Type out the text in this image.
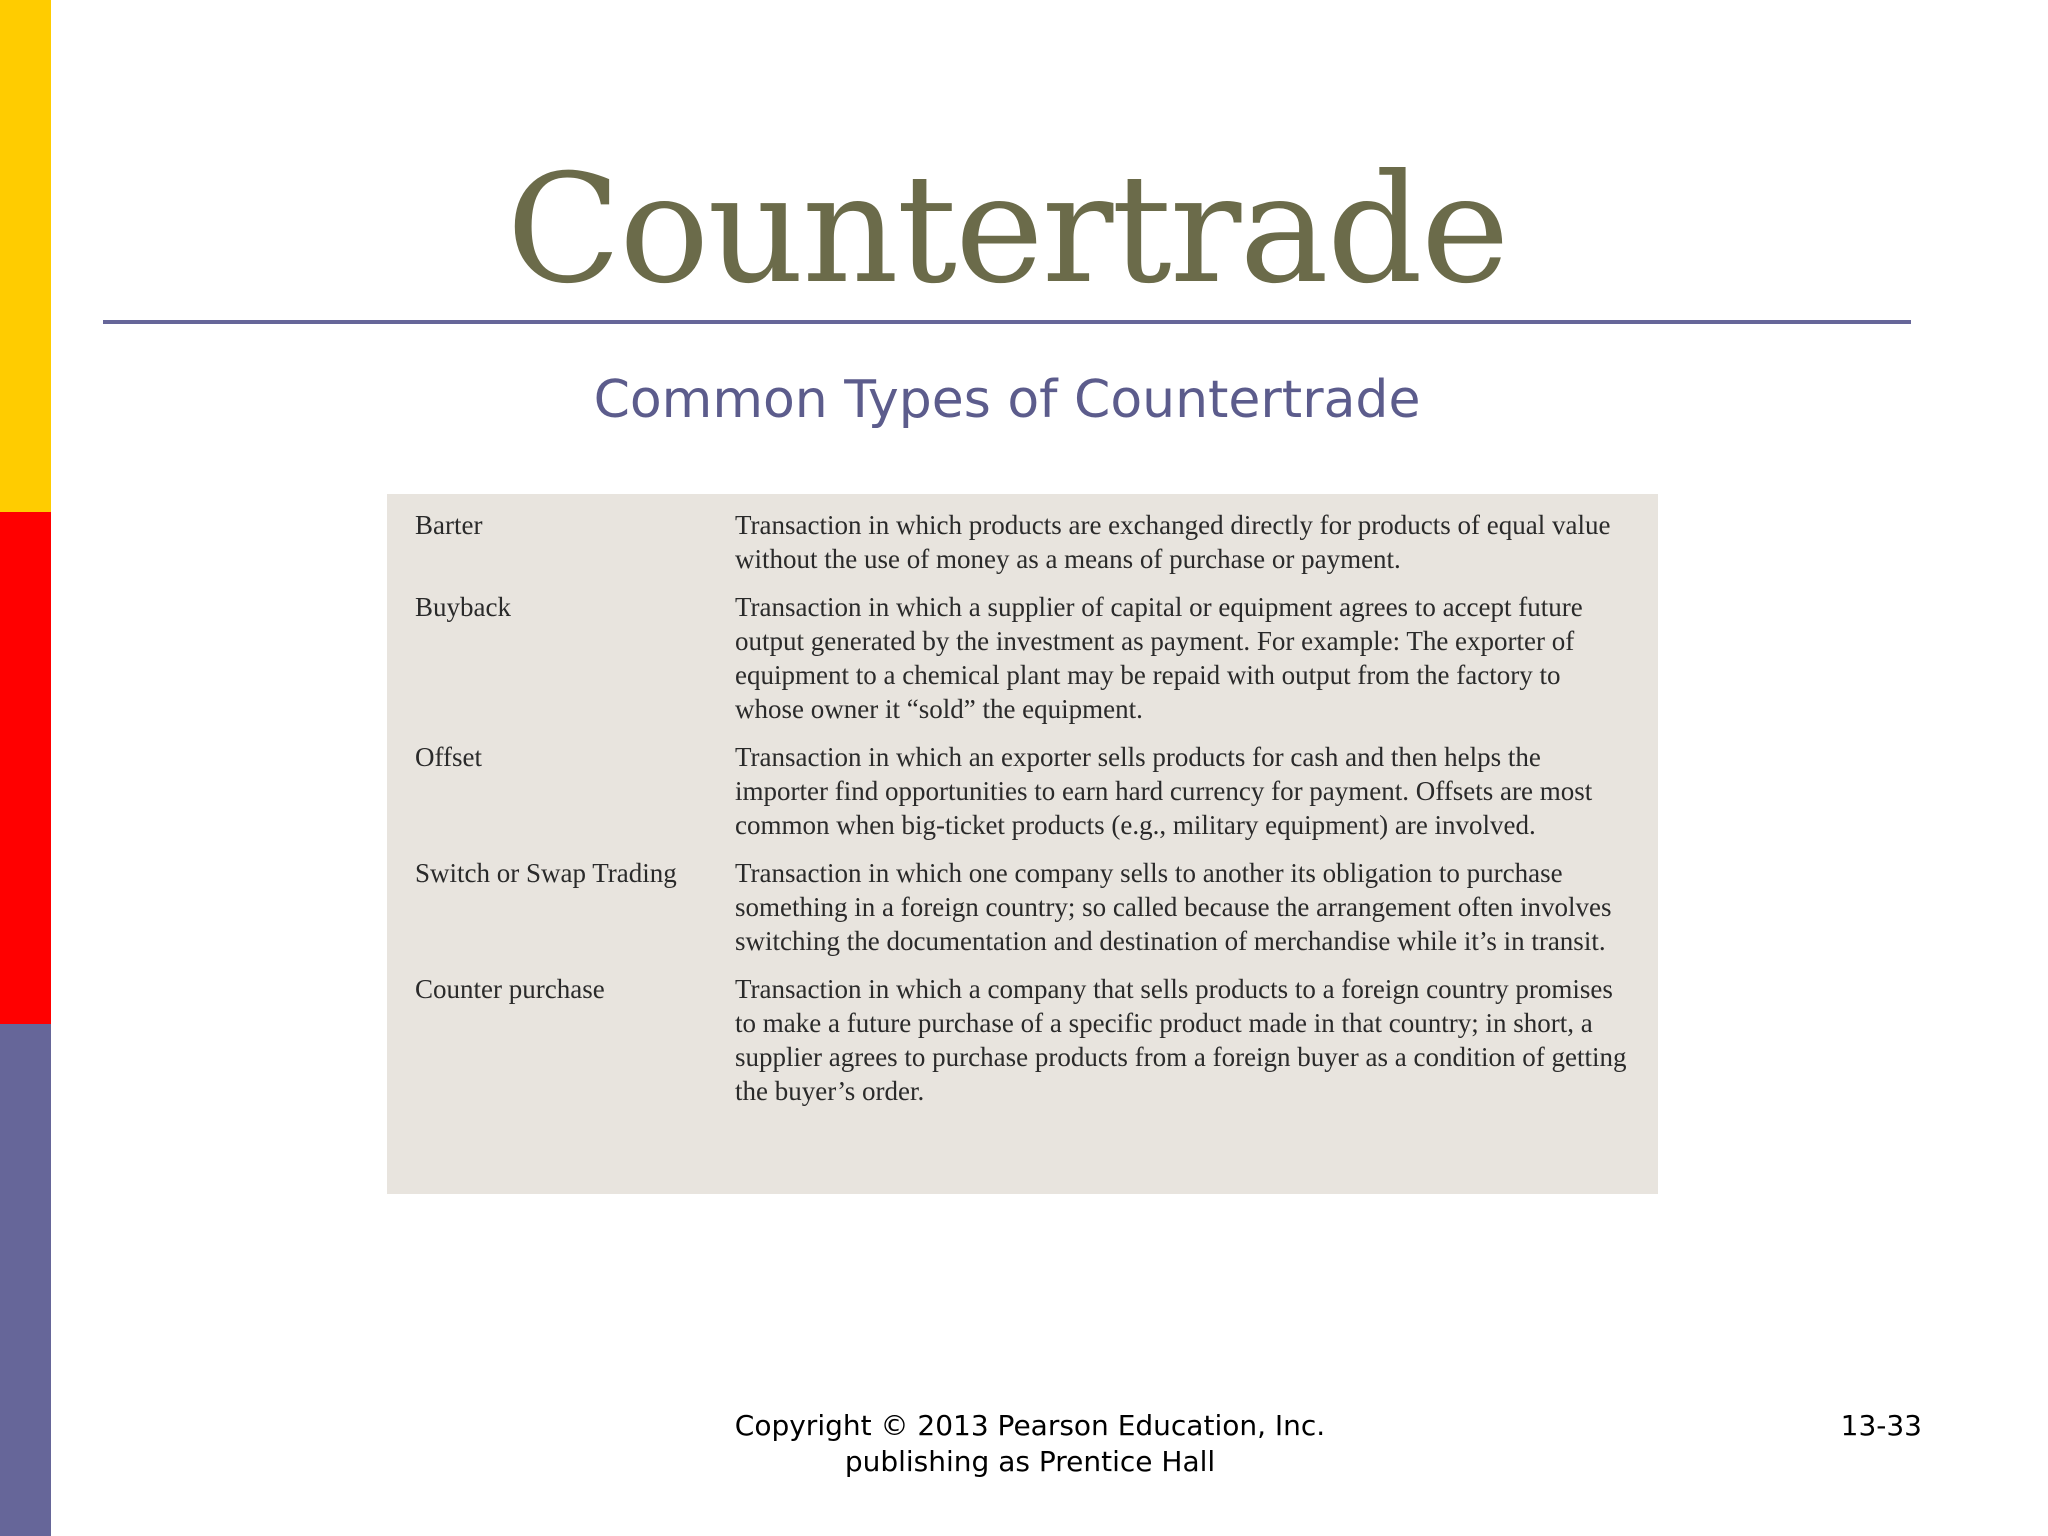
Countertrade
Common Types of Countertrade
Barter	Transaction in which products are exchanged directly for products of equal value without the use of money as a means of purchase or payment.
Buyback	Transaction in which a supplier of capital or equipment agrees to accept future output generated by the investment as payment. For example: The exporter of equipment to a chemical plant may be repaid with output from the factory to whose owner it “sold” the equipment.
Offset	Transaction in which an exporter sells products for cash and then helps the importer find opportunities to earn hard currency for payment. Offsets are most common when big-ticket products (e.g., military equipment) are involved.
Switch or Swap Trading	Transaction in which one company sells to another its obligation to purchase something in a foreign country; so called because the arrangement often involves switching the documentation and destination of merchandise while it’s in transit.
Counter purchase	Transaction in which a company that sells products to a foreign country promises to make a future purchase of a specific product made in that country; in short, a supplier agrees to purchase products from a foreign buyer as a condition of getting the buyer’s order.
Copyright © 2013 Pearson Education, Inc.
publishing as Prentice Hall
13-33
